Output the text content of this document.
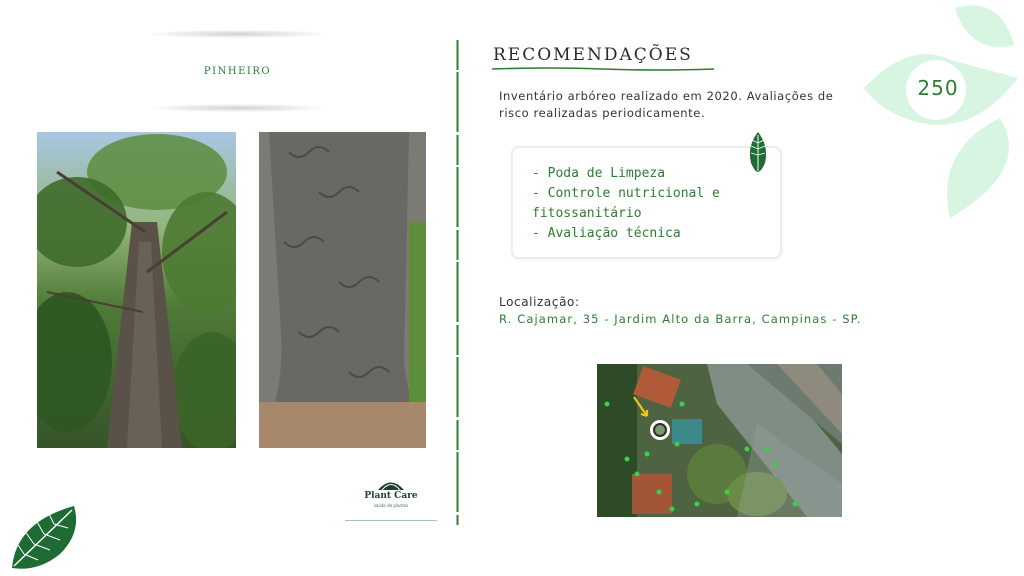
PINHEIRO
Plant Care
saúde de plantas
RECOMENDAÇÕES
Inventário arbóreo realizado em 2020. Avaliações de risco realizadas periodicamente.
- Poda de Limpeza
- Controle nutricional e fitossanitário
- Avaliação técnica
Localização:
R. Cajamar, 35 - Jardim Alto da Barra, Campinas - SP.
250
